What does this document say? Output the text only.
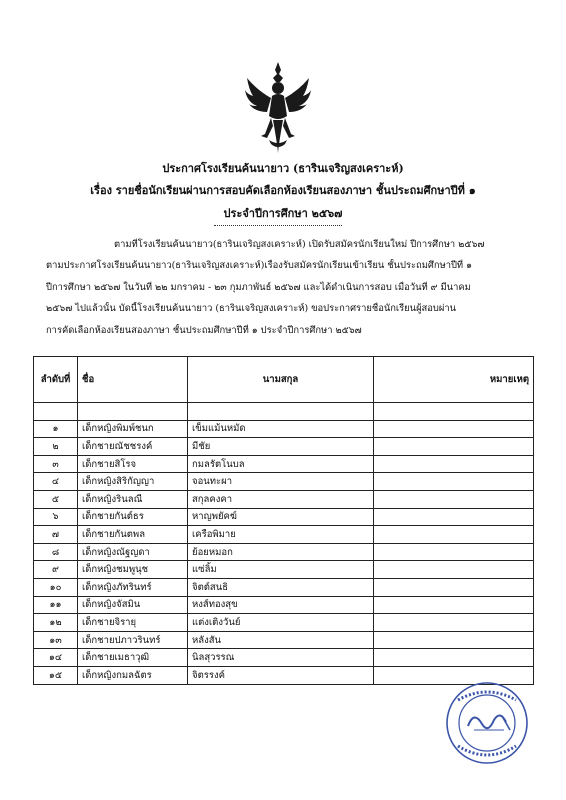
ประกาศโรงเรียนค้นนายาว (ธารินเจริญสงเคราะห์)
เรื่อง รายชื่อนักเรียนผ่านการสอบคัดเลือกห้องเรียนสองภาษา ชั้นประถมศึกษาปีที่ ๑
ประจำปีการศึกษา ๒๕๖๗
ตามที่โรงเรียนค้นนายาว(ธารินเจริญสงเคราะห์) เปิดรับสมัครนักเรียนใหม่ ปีการศึกษา ๒๕๖๗
ตามประกาศโรงเรียนค้นนายาว(ธารินเจริญสงเคราะห์)เรื่องรับสมัครนักเรียนเข้าเรียน ชั้นประถมศึกษาปีที่ ๑
ปีการศึกษา ๒๕๖๗ ในวันที่ ๒๒ มกราคม - ๒๓ กุมภาพันธ์ ๒๕๖๗ และได้ดำเนินการสอบ เมื่อวันที่ ๙ มีนาคม
๒๕๖๗ ไปแล้วนั้น บัดนี้โรงเรียนค้นนายาว (ธารินเจริญสงเคราะห์) ขอประกาศรายชื่อนักเรียนผู้สอบผ่าน
การคัดเลือกห้องเรียนสองภาษา ชั้นประถมศึกษาปีที่ ๑ ประจำปีการศึกษา ๒๕๖๗
ลำดับที่	ชื่อ	นามสกุล	หมายเหตุ

๑	เด็กหญิงพิมพ์ชนก	เข็มแม้นหมัด	
๒	เด็กชายณัชชรงค์	มีชัย	
๓	เด็กชายสิโรจ	กมลรัตโนบล	
๔	เด็กหญิงสิริกัญญา	จอนทะผา	
๕	เด็กหญิงรินลณี	สกุลคงคา	
๖	เด็กชายกันต์ธร	หาญพยัคฆ์	
๗	เด็กชายกันตพล	เครือพิมาย	
๘	เด็กหญิงณัฐญดา	ย้อยหมอก	
๙	เด็กหญิงชมพูนุช	แซ่ลิ้ม	
๑๐	เด็กหญิงภัทรินทร์	จิตต์สนธิ	
๑๑	เด็กหญิงจัสมิน	หงส์ทองสุข	
๑๒	เด็กชายจิรายุ	แต่งเติงวันย์	
๑๓	เด็กชายปภาวรินทร์	หลังสัน	
๑๔	เด็กชายเมธาวุฒิ	นิลสุวรรณ	
๑๕	เด็กหญิงกมลฉัตร	จิตรรงค์	
